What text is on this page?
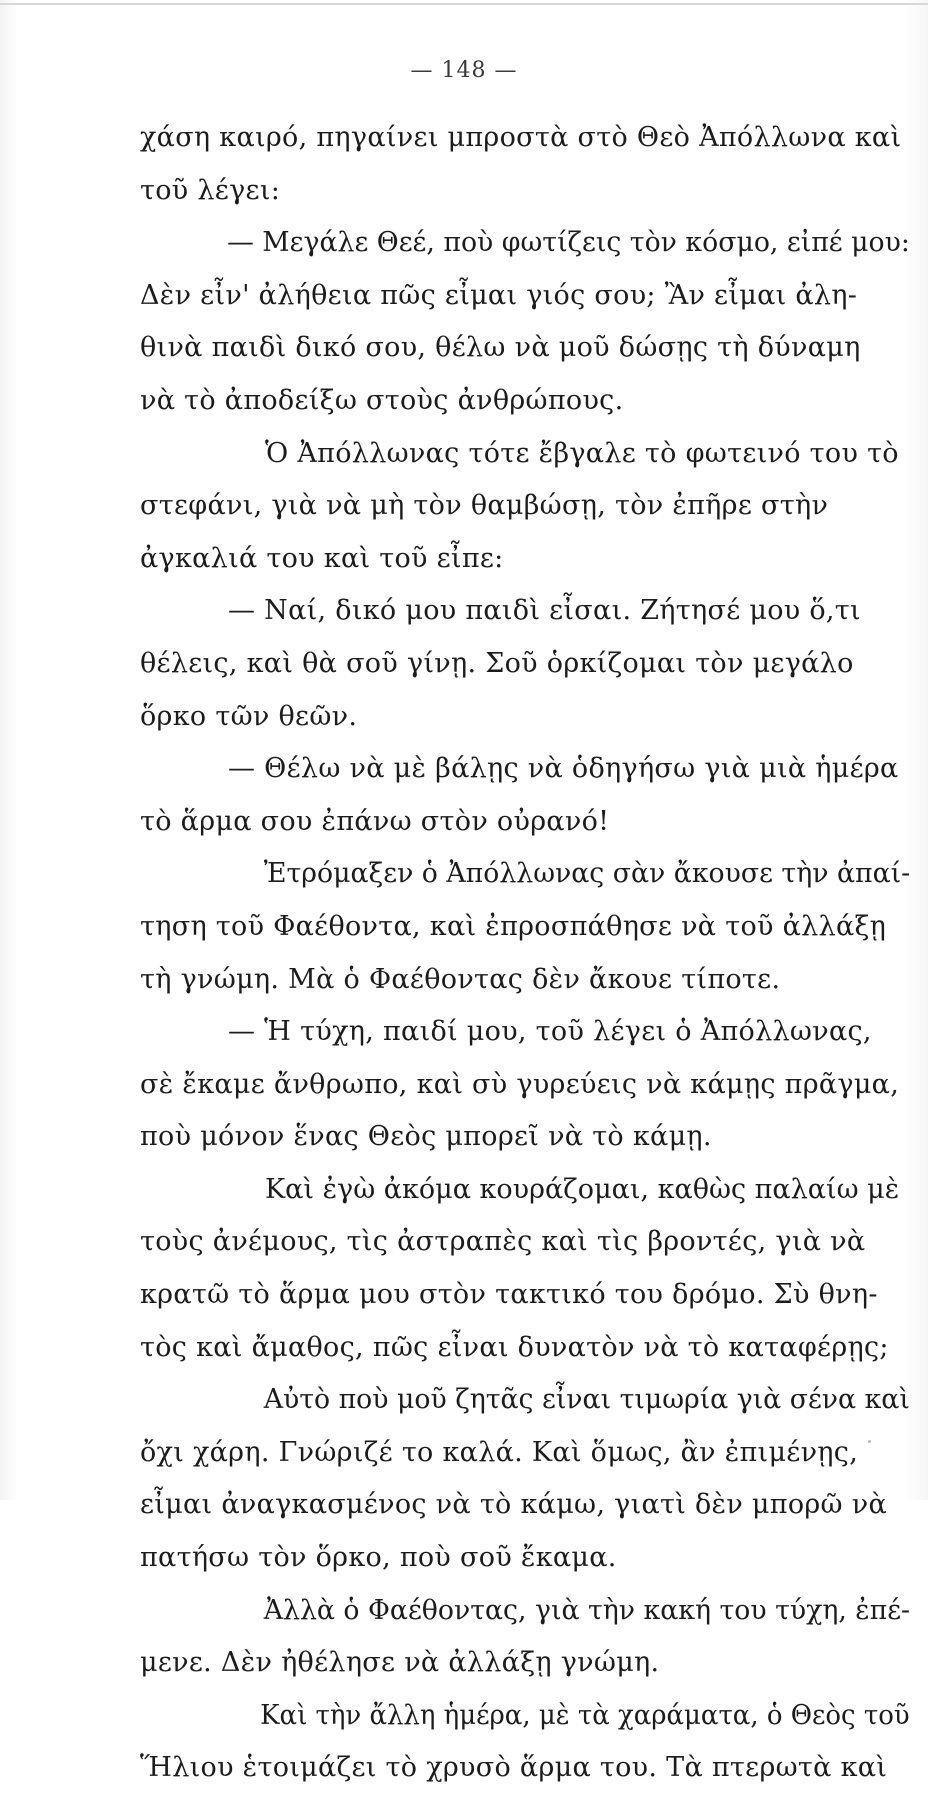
— 148 —
χάση καιρό, πηγαίνει μπροστὰ στὸ Θεὸ Ἀπόλλωνα καὶ
τοῦ λέγει:
— Μεγάλε Θεέ, ποὺ φωτίζεις τὸν κόσμο, εἰπέ μου:
Δὲν εἶν' ἀλήθεια πῶς εἶμαι γιός σου; Ἂν εἶμαι ἀλη-
θινὰ παιδὶ δικό σου, θέλω νὰ μοῦ δώσῃς τὴ δύναμη
νὰ τὸ ἀποδείξω στοὺς ἀνθρώπους.
Ὁ Ἀπόλλωνας τότε ἔβγαλε τὸ φωτεινό του τὸ
στεφάνι, γιὰ νὰ μὴ τὸν θαμβώσῃ, τὸν ἐπῆρε στὴν
ἀγκαλιά του καὶ τοῦ εἶπε:
— Ναί, δικό μου παιδὶ εἶσαι. Ζήτησέ μου ὅ,τι
θέλεις, καὶ θὰ σοῦ γίνῃ. Σοῦ ὁρκίζομαι τὸν μεγάλο
ὅρκο τῶν θεῶν.
— Θέλω νὰ μὲ βάλῃς νὰ ὁδηγήσω γιὰ μιὰ ἡμέρα
τὸ ἅρμα σου ἐπάνω στὸν οὐρανό!
Ἐτρόμαξεν ὁ Ἀπόλλωνας σὰν ἄκουσε τὴν ἀπαί-
τηση τοῦ Φαέθοντα, καὶ ἐπροσπάθησε νὰ τοῦ ἀλλάξῃ
τὴ γνώμη. Μὰ ὁ Φαέθοντας δὲν ἄκουε τίποτε.
— Ἡ τύχη, παιδί μου, τοῦ λέγει ὁ Ἀπόλλωνας,
σὲ ἔκαμε ἄνθρωπο, καὶ σὺ γυρεύεις νὰ κάμῃς πρᾶγμα,
ποὺ μόνον ἕνας Θεὸς μπορεῖ νὰ τὸ κάμῃ.
Καὶ ἐγὼ ἀκόμα κουράζομαι, καθὼς παλαίω μὲ
τοὺς ἀνέμους, τὶς ἀστραπὲς καὶ τὶς βροντές, γιὰ νὰ
κρατῶ τὸ ἅρμα μου στὸν τακτικό του δρόμο. Σὺ θνη-
τὸς καὶ ἄμαθος, πῶς εἶναι δυνατὸν νὰ τὸ καταφέρῃς;
Αὐτὸ ποὺ μοῦ ζητᾶς εἶναι τιμωρία γιὰ σένα καὶ
ὄχι χάρη. Γνώριζέ το καλά. Καὶ ὅμως, ἂν ἐπιμένῃς,
εἶμαι ἀναγκασμένος νὰ τὸ κάμω, γιατὶ δὲν μπορῶ νὰ
πατήσω τὸν ὅρκο, ποὺ σοῦ ἔκαμα.
Ἀλλὰ ὁ Φαέθοντας, γιὰ τὴν κακή του τύχη, ἐπέ-
μενε. Δὲν ἠθέλησε νὰ ἀλλάξῃ γνώμη.
Καὶ τὴν ἄλλη ἡμέρα, μὲ τὰ χαράματα, ὁ Θεὸς τοῦ
Ἥλιου ἑτοιμάζει τὸ χρυσὸ ἅρμα του. Τὰ πτερωτὰ καὶ
